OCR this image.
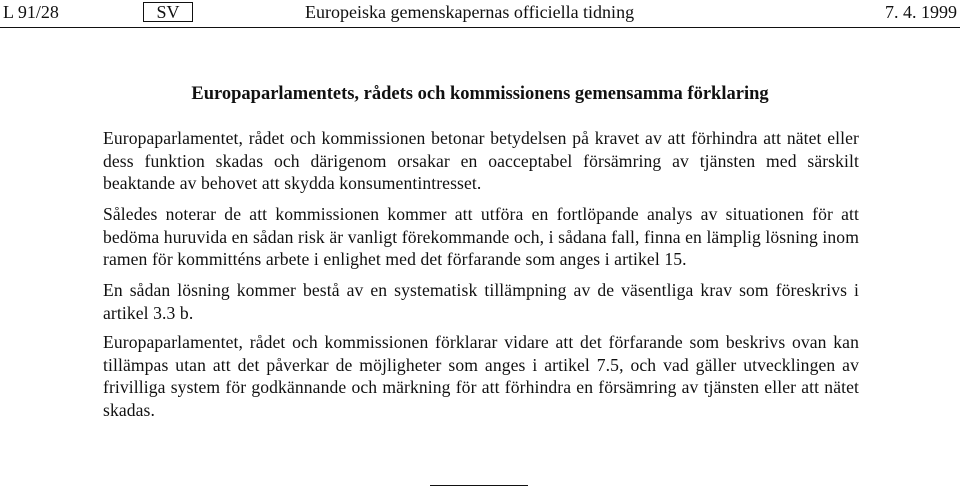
L 91/28	SV	Europeiska gemenskapernas officiella tidning	7. 4. 1999
Europaparlamentets, rådets och kommissionens gemensamma förklaring

Europaparlamentet, rådet och kommissionen betonar betydelsen på kravet av att förhindra att nätet eller dess funktion skadas och därigenom orsakar en oacceptabel försämring av tjänsten med särskilt beaktande av behovet att skydda konsumentintresset.

Således noterar de att kommissionen kommer att utföra en fortlöpande analys av situationen för att bedöma huruvida en sådan risk är vanligt förekommande och, i sådana fall, finna en lämplig lösning inom ramen för kommitténs arbete i enlighet med det förfarande som anges i artikel 15.

En sådan lösning kommer bestå av en systematisk tillämpning av de väsentliga krav som föreskrivs i artikel 3.3 b.

Europaparlamentet, rådet och kommissionen förklarar vidare att det förfarande som beskrivs ovan kan tillämpas utan att det påverkar de möjligheter som anges i artikel 7.5, och vad gäller utvecklingen av frivilliga system för godkännande och märkning för att förhindra en försämring av tjänsten eller att nätet skadas.
